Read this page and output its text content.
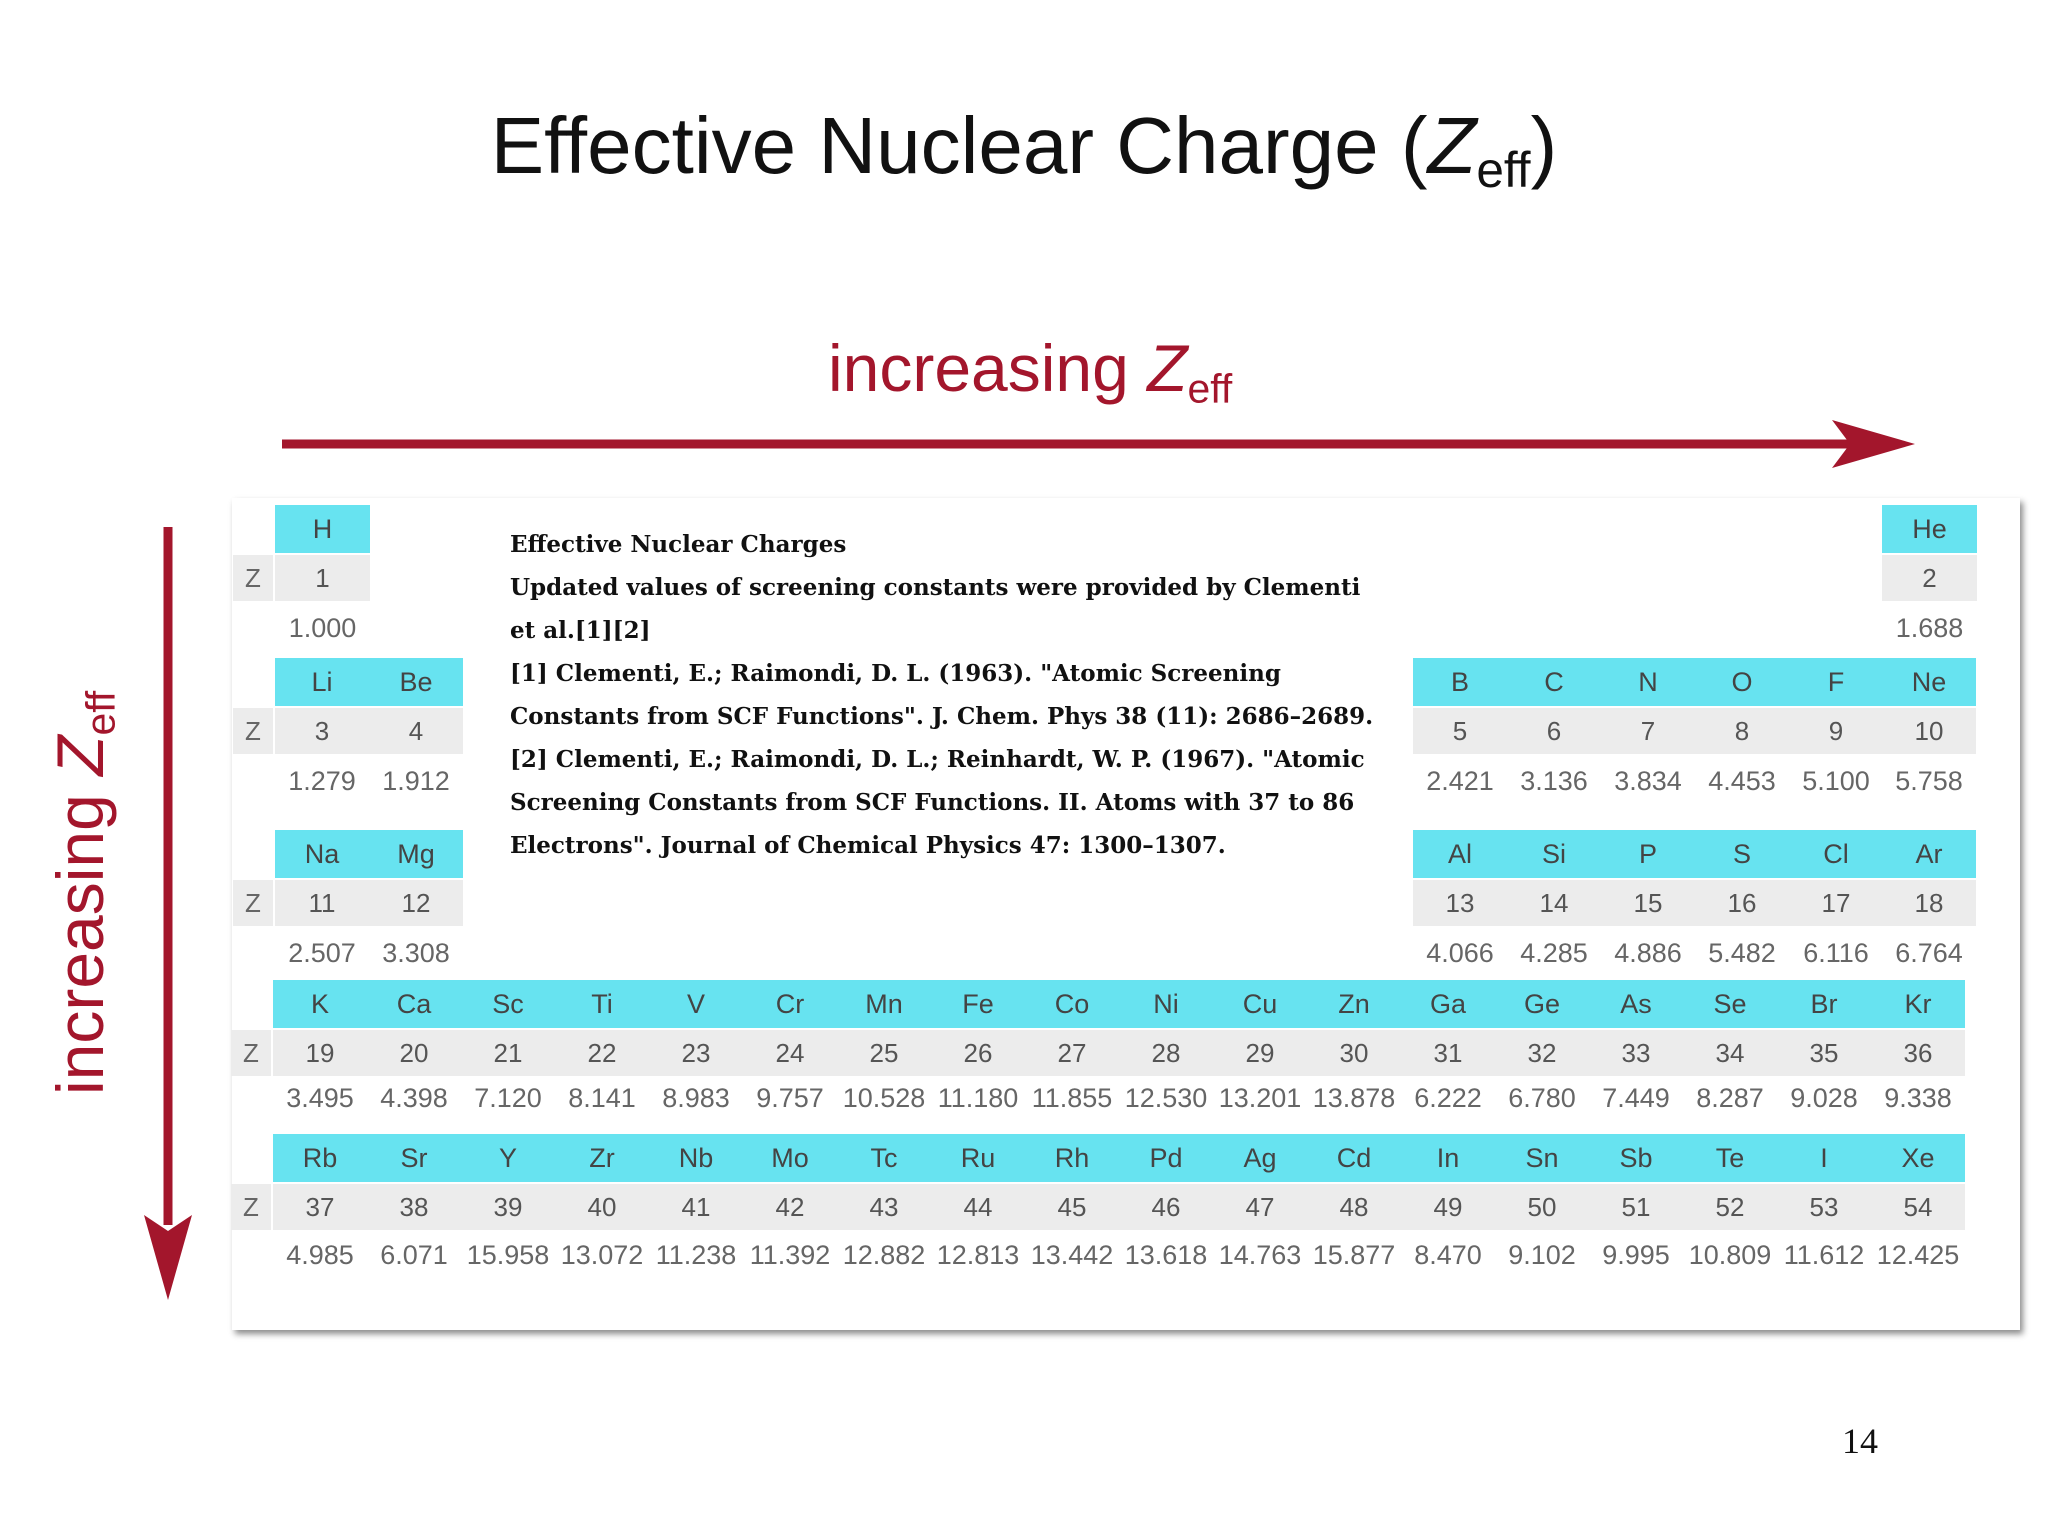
Effective Nuclear Charge $(Z_{eff})$
increasing $Z_{eff}$
increasing $Z_{eff}$
H
1
1.000
He
2
1.688
Z
Li
3
1.279
Be
4
1.912
B
5
2.421
C
6
3.136
N
7
3.834
O
8
4.453
F
9
5.100
Ne
10
5.758
Z
Na
11
2.507
Mg
12
3.308
Al
13
4.066
Si
14
4.285
P
15
4.886
S
16
5.482
Cl
17
6.116
Ar
18
6.764
Z
K
19
3.495
Ca
20
4.398
Sc
21
7.120
Ti
22
8.141
V
23
8.983
Cr
24
9.757
Mn
25
10.528
Fe
26
11.180
Co
27
11.855
Ni
28
12.530
Cu
29
13.201
Zn
30
13.878
Ga
31
6.222
Ge
32
6.780
As
33
7.449
Se
34
8.287
Br
35
9.028
Kr
36
9.338
Z
Rb
37
4.985
Sr
38
6.071
Y
39
15.958
Zr
40
13.072
Nb
41
11.238
Mo
42
11.392
Tc
43
12.882
Ru
44
12.813
Rh
45
13.442
Pd
46
13.618
Ag
47
14.763
Cd
48
15.877
In
49
8.470
Sn
50
9.102
Sb
51
9.995
Te
52
10.809
I
53
11.612
Xe
54
12.425
Z
Effective Nuclear Charges
Updated values of screening constants were provided by Clementi et al.[1][2]
[1] Clementi, E.; Raimondi, D. L. (1963). "Atomic Screening Constants from SCF Functions". J. Chem. Phys 38 (11): 2686–2689.
[2] Clementi, E.; Raimondi, D. L.; Reinhardt, W. P. (1967). "Atomic Screening Constants from SCF Functions. II. Atoms with 37 to 86 Electrons". Journal of Chemical Physics 47: 1300–1307.
14
